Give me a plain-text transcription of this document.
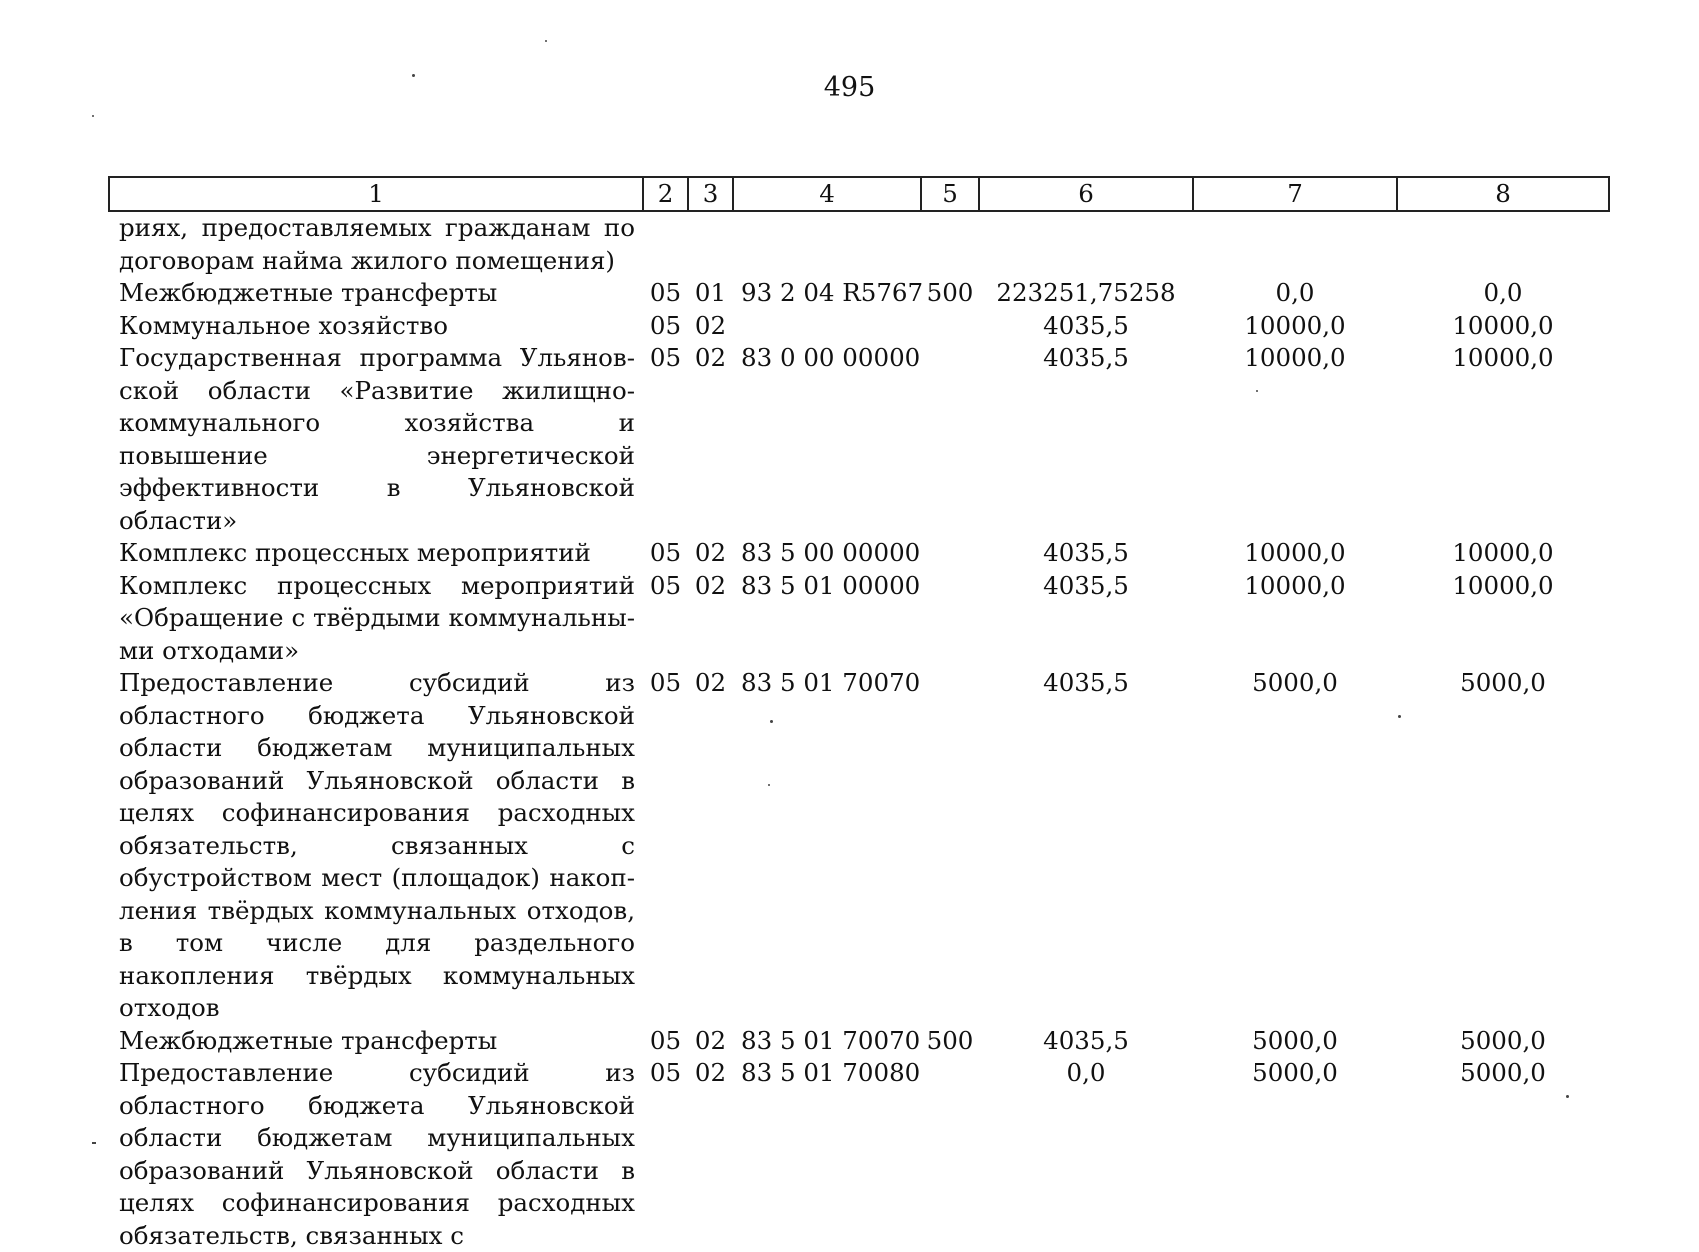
495
1	2	3	4	5	6	7	8
риях, предоставляемых гражданам по договорам найма жилого помещения)							
Межбюджетные трансферты	05	01	93 2 04 R5767	500	223251,75258	0,0	0,0
Коммунальное хозяйство	05	02			4035,5	10000,0	10000,0
Государственная программа Ульяновской области «Развитие жилищно-коммунального хозяйства и повышение энергетической эффективности в Ульяновской области»	05	02	83 0 00 00000		4035,5	10000,0	10000,0
Комплекс процессных мероприятий	05	02	83 5 00 00000		4035,5	10000,0	10000,0
Комплекс процессных мероприятий «Обращение с твёрдыми коммунальными отходами»	05	02	83 5 01 00000		4035,5	10000,0	10000,0
Предоставление субсидий из областного бюджета Ульяновской области бюджетам муниципальных образований Ульяновской области в целях софинансирования расходных обязательств, связанных с обустройством мест (площадок) накопления твёрдых коммунальных отходов, в том числе для раздельного накопления твёрдых коммунальных отходов	05	02	83 5 01 70070		4035,5	5000,0	5000,0
Межбюджетные трансферты	05	02	83 5 01 70070	500	4035,5	5000,0	5000,0
Предоставление субсидий из областного бюджета Ульяновской области бюджетам муниципальных образований Ульяновской области в целях софинансирования расходных обязательств, связанных с	05	02	83 5 01 70080		0,0	5000,0	5000,0
